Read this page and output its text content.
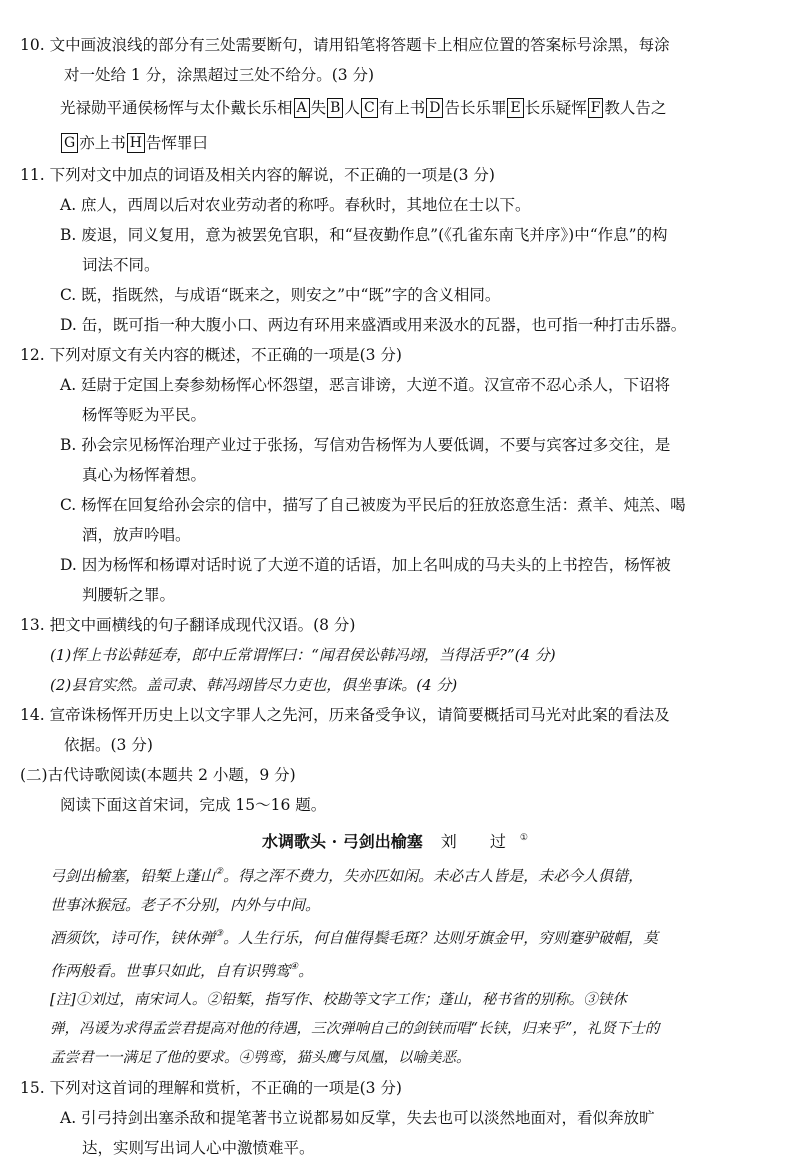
10. 文中画波浪线的部分有三处需要断句，请用铅笔将答题卡上相应位置的答案标号涂黑，每涂
对一处给 1 分，涂黑超过三处不给分。(3 分)
光禄勋平通侯杨恽与太仆戴长乐相 A 失 B 人 C 有上书 D 告长乐罪 E 长乐疑恽 F 教人告之
G 亦上书 H 告恽罪曰
11. 下列对文中加点的词语及相关内容的解说，不正确的一项是(3 分)
A. 庶人，西周以后对农业劳动者的称呼。春秋时，其地位在士以下。
B. 废退，同义复用，意为被罢免官职，和“昼夜勤作息”(《孔雀东南飞并序》)中“作息”的构
词法不同。
C. 既，指既然，与成语“既来之，则安之”中“既”字的含义相同。
D. 缶，既可指一种大腹小口、两边有环用来盛酒或用来汲水的瓦器，也可指一种打击乐器。
12. 下列对原文有关内容的概述，不正确的一项是(3 分)
A. 廷尉于定国上奏参劾杨恽心怀怨望，恶言诽谤，大逆不道。汉宣帝不忍心杀人，下诏将
杨恽等贬为平民。
B. 孙会宗见杨恽治理产业过于张扬，写信劝告杨恽为人要低调，不要与宾客过多交往，是
真心为杨恽着想。
C. 杨恽在回复给孙会宗的信中，描写了自己被废为平民后的狂放恣意生活：煮羊、炖羔、喝
酒，放声吟唱。
D. 因为杨恽和杨谭对话时说了大逆不道的话语，加上名叫成的马夫头的上书控告，杨恽被
判腰斩之罪。
13. 把文中画横线的句子翻译成现代汉语。(8 分)
(1)恽上书讼韩延寿，郎中丘常谓恽曰：“闻君侯讼韩冯翊，当得活乎?”(4 分)
(2)县官实然。盖司隶、韩冯翊皆尽力吏也，俱坐事诛。(4 分)
14. 宣帝诛杨恽开历史上以文字罪人之先河，历来备受争议，请简要概括司马光对此案的看法及
依据。(3 分)
(二)古代诗歌阅读(本题共 2 小题，9 分)
阅读下面这首宋词，完成 15～16 题。
水调歌头 · 弓剑出榆塞 刘 过①
弓剑出榆塞，铅椠上蓬山②。得之浑不费力，失亦匹如闲。未必古人皆是，未必今人俱错，
世事沐猴冠。老子不分别，内外与中间。
酒须饮，诗可作，铗休弹③。人生行乐，何自催得鬓毛斑？达则牙旗金甲，穷则蹇驴破帽，莫
作两般看。世事只如此，自有识鸮鸾④。
[注]①刘过，南宋词人。②铅椠，指写作、校勘等文字工作；蓬山，秘书省的别称。③铗休
弹，冯谖为求得孟尝君提高对他的待遇，三次弹响自己的剑铗而唱“长铗，归来乎”，礼贤下士的
孟尝君一一满足了他的要求。④鸮鸾，猫头鹰与凤凰，以喻美恶。
15. 下列对这首词的理解和赏析，不正确的一项是(3 分)
A. 引弓持剑出塞杀敌和提笔著书立说都易如反掌，失去也可以淡然地面对，看似奔放旷
达，实则写出词人心中激愤难平。
